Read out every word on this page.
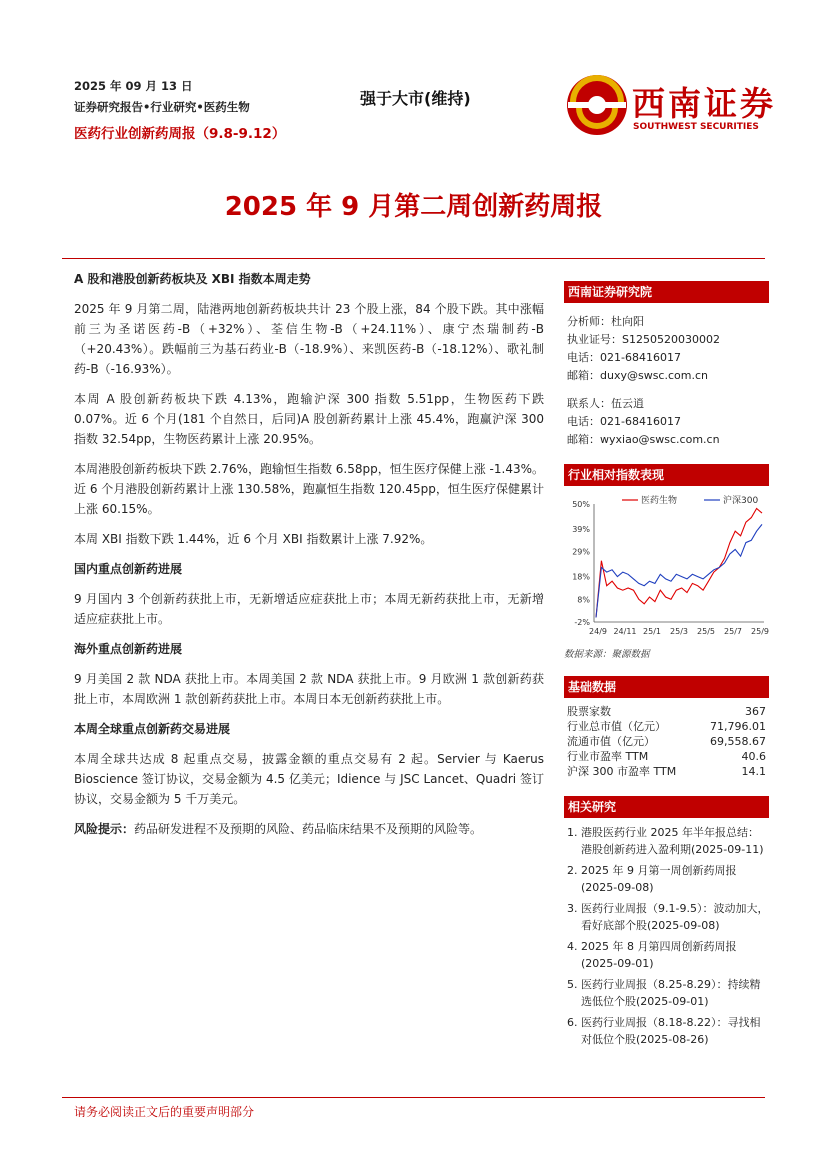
2025 年 09 月 13 日
证券研究报告•行业研究•医药生物
医药行业创新药周报（9.8-9.12）
强于大市(维持)	西南证券
SOUTHWEST SECURITIES
2025 年 9 月第二周创新药周报
A 股和港股创新药板块及 XBI 指数本周走势

2025 年 9 月第二周，陆港两地创新药板块共计 23 个股上涨，84 个股下跌。其中涨幅前三为圣诺医药-B（+32%）、荃信生物-B（+24.11%）、康宁杰瑞制药-B（+20.43%）。跌幅前三为基石药业-B（-18.9%）、来凯医药-B（-18.12%）、歌礼制药-B（-16.93%）。

本周 A 股创新药板块下跌 4.13%，跑输沪深 300 指数 5.51pp，生物医药下跌 0.07%。近 6 个月(181 个自然日，后同)A 股创新药累计上涨 45.4%，跑赢沪深 300 指数 32.54pp，生物医药累计上涨 20.95%。

本周港股创新药板块下跌 2.76%，跑输恒生指数 6.58pp，恒生医疗保健上涨 -1.43%。近 6 个月港股创新药累计上涨 130.58%，跑赢恒生指数 120.45pp，恒生医疗保健累计上涨 60.15%。

本周 XBI 指数下跌 1.44%，近 6 个月 XBI 指数累计上涨 7.92%。

国内重点创新药进展

9 月国内 3 个创新药获批上市，无新增适应症获批上市；本周无新药获批上市，无新增适应症获批上市。

海外重点创新药进展

9 月美国 2 款 NDA 获批上市。本周美国 2 款 NDA 获批上市。9 月欧洲 1 款创新药获批上市，本周欧洲 1 款创新药获批上市。本周日本无创新药获批上市。

本周全球重点创新药交易进展

本周全球共达成 8 起重点交易，披露金额的重点交易有 2 起。Servier 与 Kaerus Bioscience 签订协议，交易金额为 4.5 亿美元；Idience 与 JSC Lancet、Quadri 签订协议，交易金额为 5 千万美元。

风险提示：药品研发进程不及预期的风险、药品临床结果不及预期的风险等。

西南证券研究院
分析师：杜向阳
执业证号：S1250520030002
电话：021-68416017
邮箱：duxy@swsc.com.cn
联系人：伍云逍
电话：021-68416017
邮箱：wyxiao@swsc.com.cn
行业相对指数表现
-2%
8%
18%
29%
39%
50%
24/9 24/11 25/1 25/3 25/5 25/7 25/9
医药生物	沪深300
数据来源：聚源数据
基础数据
股票家数	367
行业总市值（亿元）	71,796.01
流通市值（亿元）	69,558.67
行业市盈率 TTM	40.6
沪深 300 市盈率 TTM	14.1
相关研究
1. 港股医药行业 2025 年半年报总结：港股创新药进入盈利期(2025-09-11)
2. 2025 年 9 月第一周创新药周报
(2025-09-08)
3. 医药行业周报（9.1-9.5）：波动加大，看好底部个股(2025-09-08)
4. 2025 年 8 月第四周创新药周报
(2025-09-01)
5. 医药行业周报（8.25-8.29）：持续精选低位个股(2025-09-01)
6. 医药行业周报（8.18-8.22）：寻找相对低位个股(2025-08-26)
请务必阅读正文后的重要声明部分
